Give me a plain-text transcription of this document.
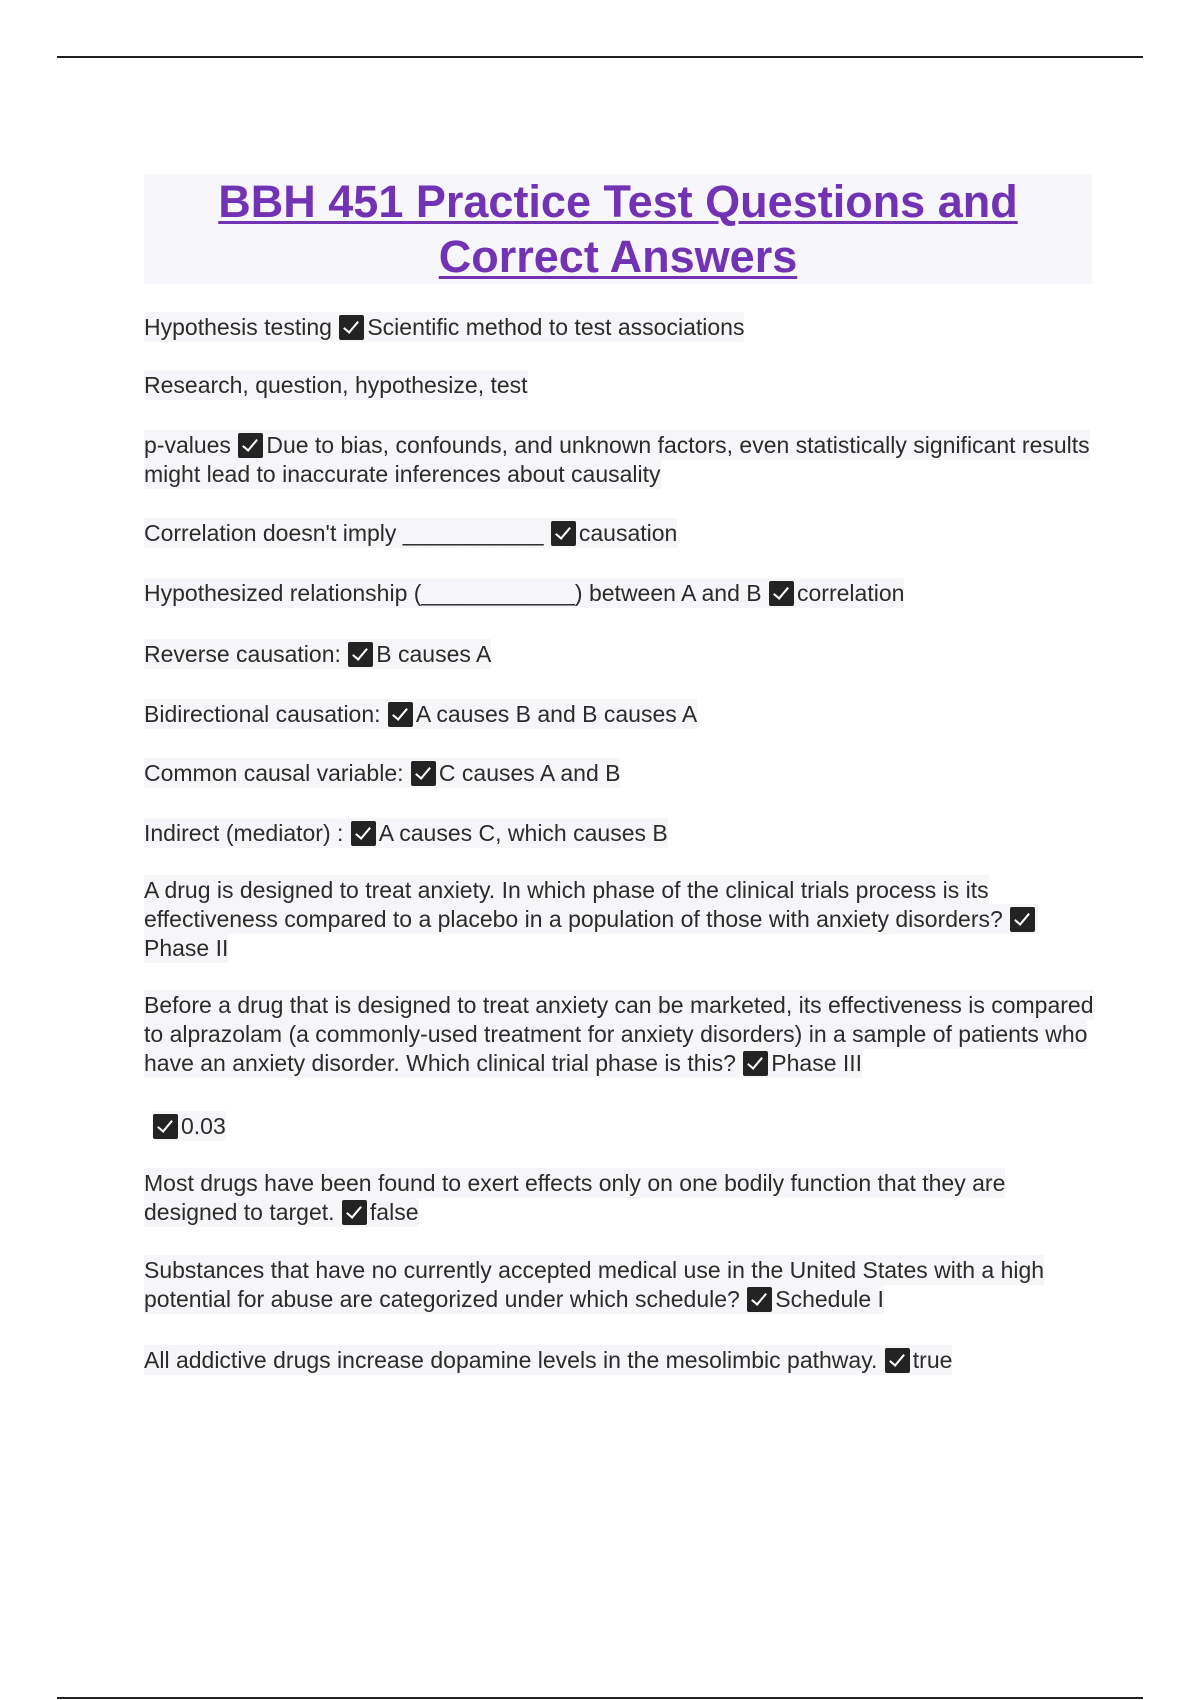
BBH 451 Practice Test Questions and
Correct Answers
Hypothesis testing Scientific method to test associations
Research, question, hypothesize, test
p-values Due to bias, confounds, and unknown factors, even statistically significant results might lead to inaccurate inferences about causality
Correlation doesn't imply ___________ causation
Hypothesized relationship (____________) between A and B correlation
Reverse causation: B causes A
Bidirectional causation: A causes B and B causes A
Common causal variable: C causes A and B
Indirect (mediator) : A causes C, which causes B
A drug is designed to treat anxiety. In which phase of the clinical trials process is its effectiveness compared to a placebo in a population of those with anxiety disorders? Phase II
Before a drug that is designed to treat anxiety can be marketed, its effectiveness is compared to alprazolam (a commonly-used treatment for anxiety disorders) in a sample of patients who have an anxiety disorder. Which clinical trial phase is this? Phase III
0.03
Most drugs have been found to exert effects only on one bodily function that they are designed to target. false
Substances that have no currently accepted medical use in the United States with a high potential for abuse are categorized under which schedule? Schedule I
All addictive drugs increase dopamine levels in the mesolimbic pathway. true
